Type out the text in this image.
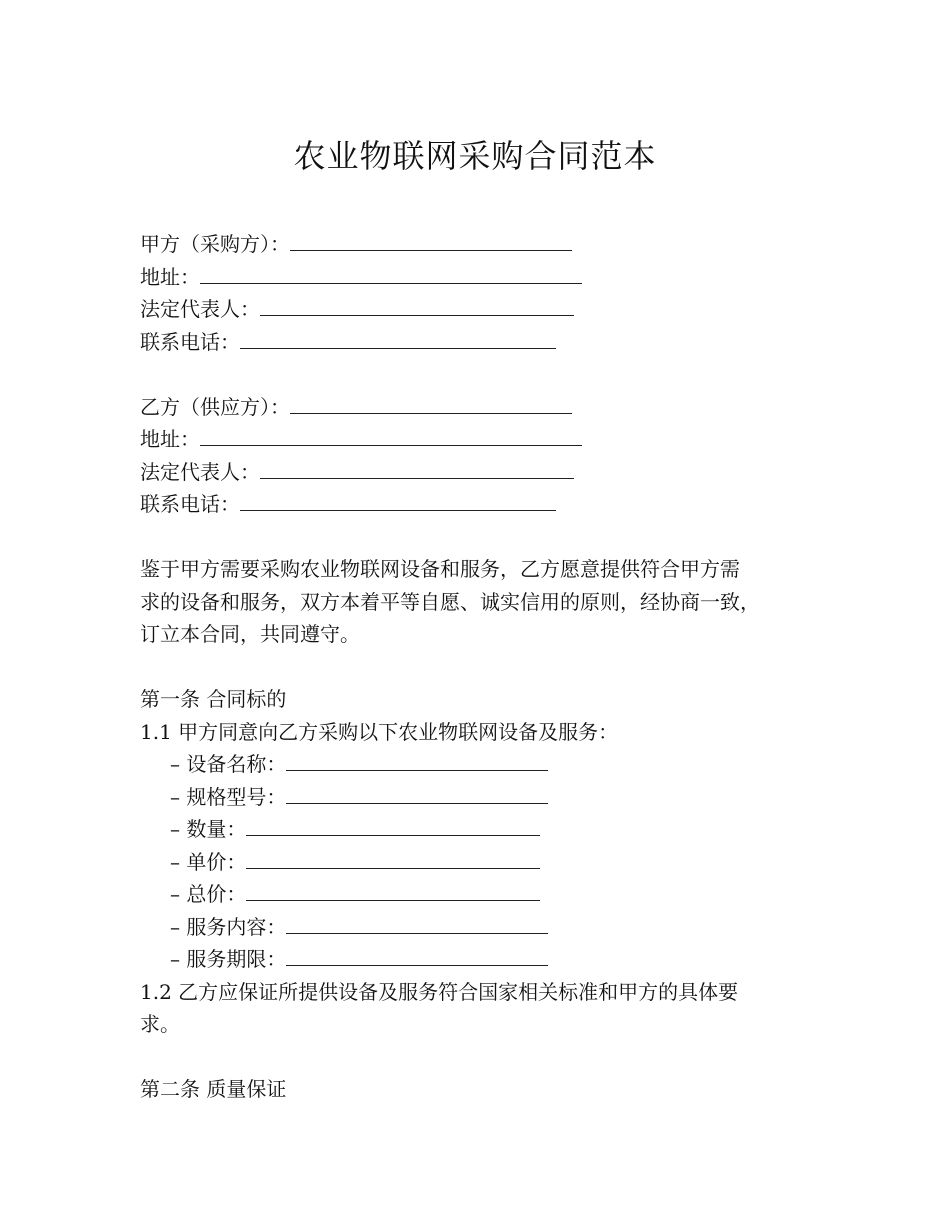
农业物联网采购合同范本
甲方（采购方）：
地址：
法定代表人：
联系电话：
乙方（供应方）：
地址：
法定代表人：
联系电话：
鉴于甲方需要采购农业物联网设备和服务，乙方愿意提供符合甲方需
求的设备和服务，双方本着平等自愿、诚实信用的原则，经协商一致，
订立本合同，共同遵守。
第一条 合同标的
1.1 甲方同意向乙方采购以下农业物联网设备及服务：
– 设备名称：
– 规格型号：
– 数量：
– 单价：
– 总价：
– 服务内容：
– 服务期限：
1.2 乙方应保证所提供设备及服务符合国家相关标准和甲方的具体要
求。
第二条 质量保证
